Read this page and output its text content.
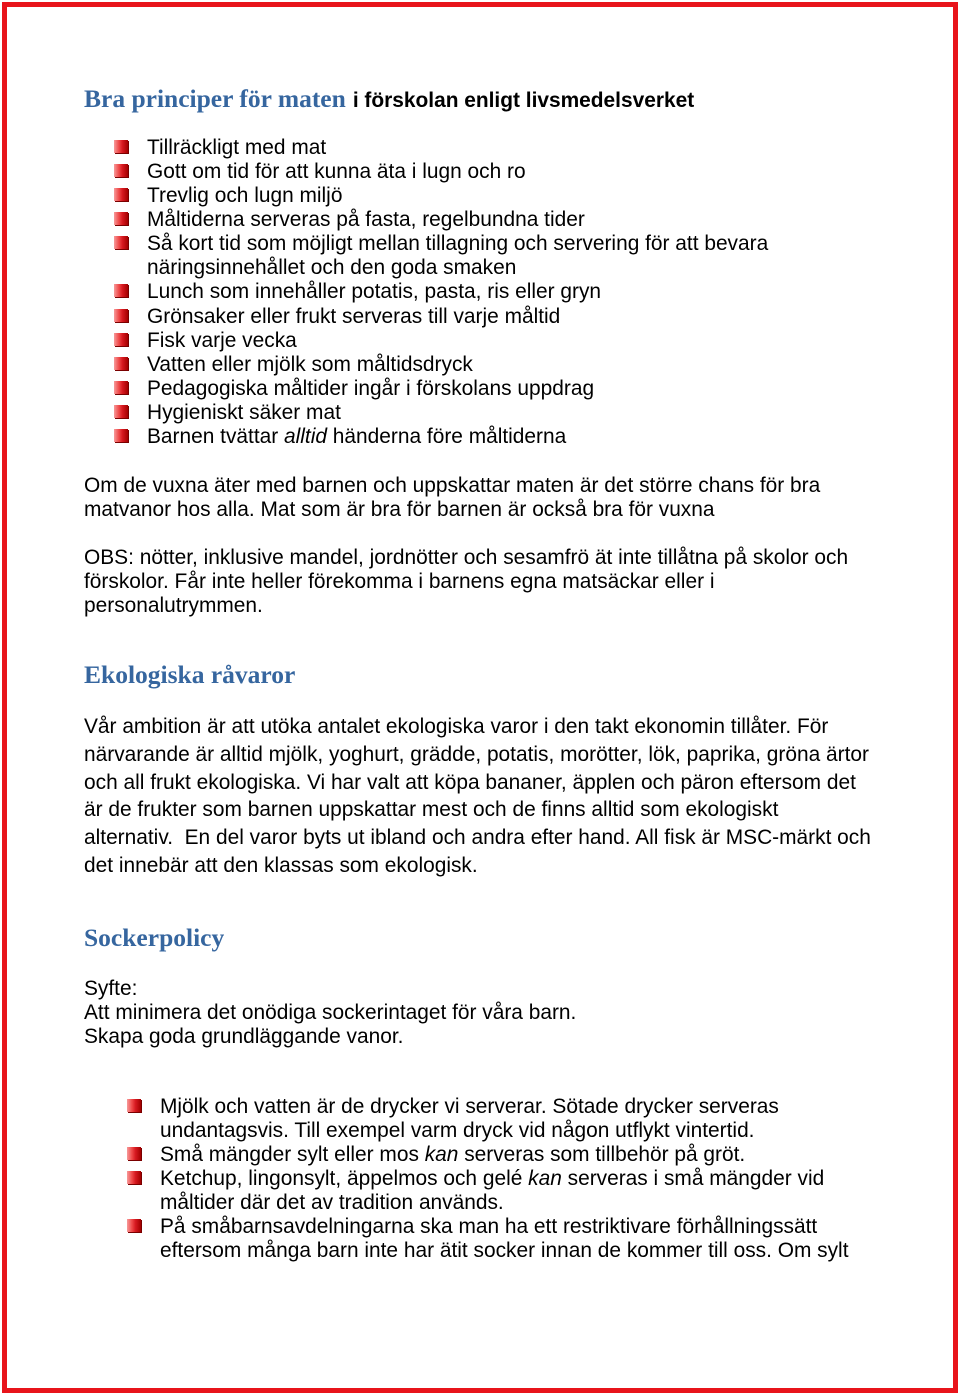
Bra principer för maten i förskolan enligt livsmedelsverket
Tillräckligt med mat
Gott om tid för att kunna äta i lugn och ro
Trevlig och lugn miljö
Måltiderna serveras på fasta, regelbundna tider
Så kort tid som möjligt mellan tillagning och servering för att bevara
näringsinnehållet och den goda smaken
Lunch som innehåller potatis, pasta, ris eller gryn
Grönsaker eller frukt serveras till varje måltid
Fisk varje vecka
Vatten eller mjölk som måltidsdryck
Pedagogiska måltider ingår i förskolans uppdrag
Hygieniskt säker mat
Barnen tvättar alltid händerna före måltiderna
Om de vuxna äter med barnen och uppskattar maten är det större chans för bra
matvanor hos alla. Mat som är bra för barnen är också bra för vuxna
OBS: nötter, inklusive mandel, jordnötter och sesamfrö ät inte tillåtna på skolor och
förskolor. Får inte heller förekomma i barnens egna matsäckar eller i
personalutrymmen.
Ekologiska råvaror
Vår ambition är att utöka antalet ekologiska varor i den takt ekonomin tillåter. För
närvarande är alltid mjölk, yoghurt, grädde, potatis, morötter, lök, paprika, gröna ärtor
och all frukt ekologiska. Vi har valt att köpa bananer, äpplen och päron eftersom det
är de frukter som barnen uppskattar mest och de finns alltid som ekologiskt
alternativ.  En del varor byts ut ibland och andra efter hand. All fisk är MSC-märkt och
det innebär att den klassas som ekologisk.
Sockerpolicy
Syfte:
Att minimera det onödiga sockerintaget för våra barn.
Skapa goda grundläggande vanor.
Mjölk och vatten är de drycker vi serverar. Sötade drycker serveras
undantagsvis. Till exempel varm dryck vid någon utflykt vintertid.
Små mängder sylt eller mos kan serveras som tillbehör på gröt.
Ketchup, lingonsylt, äppelmos och gelé kan serveras i små mängder vid
måltider där det av tradition används.
På småbarnsavdelningarna ska man ha ett restriktivare förhållningssätt
eftersom många barn inte har ätit socker innan de kommer till oss. Om sylt
